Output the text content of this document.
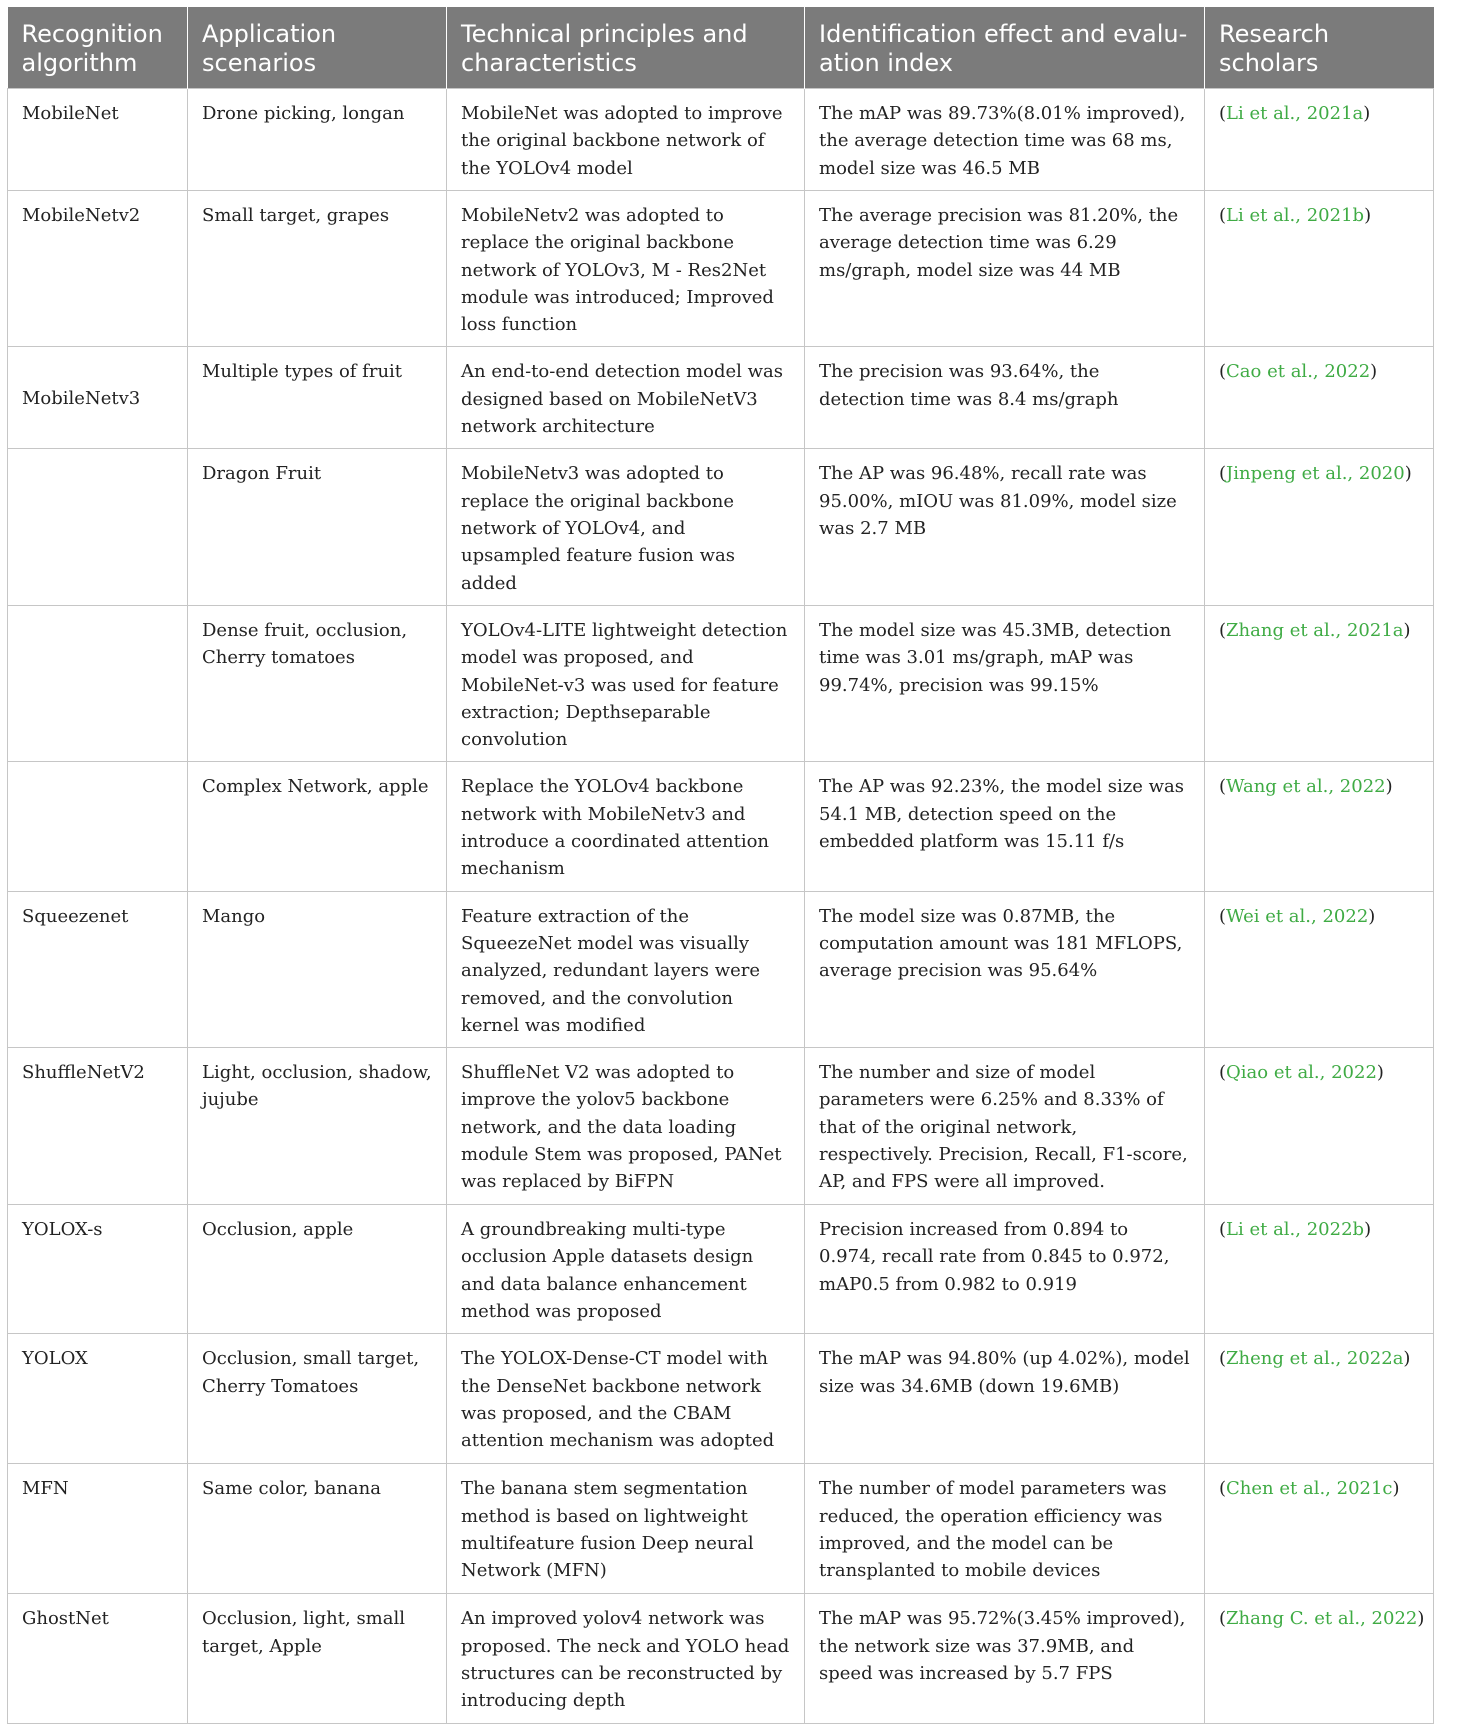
Recognition algorithm	Application scenarios	Technical principles and characteristics	Identification effect and evalu- ation index	Research scholars
MobileNet	Drone picking, longan	MobileNet was adopted to improve the original backbone network of the YOLOv4 model	The mAP was 89.73%(8.01% improved), the average detection time was 68 ms, model size was 46.5 MB	(Li et al., 2021a)
MobileNetv2	Small target, grapes	MobileNetv2 was adopted to replace the original backbone network of YOLOv3, M - Res2Net module was introduced; Improved loss function	The average precision was 81.20%, the average detection time was 6.29 ms/graph, model size was 44 MB	(Li et al., 2021b)
MobileNetv3	Multiple types of fruit	An end-to-end detection model was designed based on MobileNetV3 network architecture	The precision was 93.64%, the detection time was 8.4 ms/graph	(Cao et al., 2022)
	Dragon Fruit	MobileNetv3 was adopted to replace the original backbone network of YOLOv4, and upsampled feature fusion was added	The AP was 96.48%, recall rate was 95.00%, mIOU was 81.09%, model size was 2.7 MB	(Jinpeng et al., 2020)
	Dense fruit, occlusion, Cherry tomatoes	YOLOv4-LITE lightweight detection model was proposed, and MobileNet-v3 was used for feature extraction; Depthseparable convolution	The model size was 45.3MB, detection time was 3.01 ms/graph, mAP was 99.74%, precision was 99.15%	(Zhang et al., 2021a)
	Complex Network, apple	Replace the YOLOv4 backbone network with MobileNetv3 and introduce a coordinated attention mechanism	The AP was 92.23%, the model size was 54.1 MB, detection speed on the embedded platform was 15.11 f/s	(Wang et al., 2022)
Squeezenet	Mango	Feature extraction of the SqueezeNet model was visually analyzed, redundant layers were removed, and the convolution kernel was modified	The model size was 0.87MB, the computation amount was 181 MFLOPS, average precision was 95.64%	(Wei et al., 2022)
ShuffleNetV2	Light, occlusion, shadow, jujube	ShuffleNet V2 was adopted to improve the yolov5 backbone network, and the data loading module Stem was proposed, PANet was replaced by BiFPN	The number and size of model parameters were 6.25% and 8.33% of that of the original network, respectively. Precision, Recall, F1-score, AP, and FPS were all improved.	(Qiao et al., 2022)
YOLOX-s	Occlusion, apple	A groundbreaking multi-type occlusion Apple datasets design and data balance enhancement method was proposed	Precision increased from 0.894 to 0.974, recall rate from 0.845 to 0.972, mAP0.5 from 0.982 to 0.919	(Li et al., 2022b)
YOLOX	Occlusion, small target, Cherry Tomatoes	The YOLOX-Dense-CT model with the DenseNet backbone network was proposed, and the CBAM attention mechanism was adopted	The mAP was 94.80% (up 4.02%), model size was 34.6MB (down 19.6MB)	(Zheng et al., 2022a)
MFN	Same color, banana	The banana stem segmentation method is based on lightweight multifeature fusion Deep neural Network (MFN)	The number of model parameters was reduced, the operation efficiency was improved, and the model can be transplanted to mobile devices	(Chen et al., 2021c)
GhostNet	Occlusion, light, small target, Apple	An improved yolov4 network was proposed. The neck and YOLO head structures can be reconstructed by introducing depth	The mAP was 95.72%(3.45% improved), the network size was 37.9MB, and speed was increased by 5.7 FPS	(Zhang C. et al., 2022)
